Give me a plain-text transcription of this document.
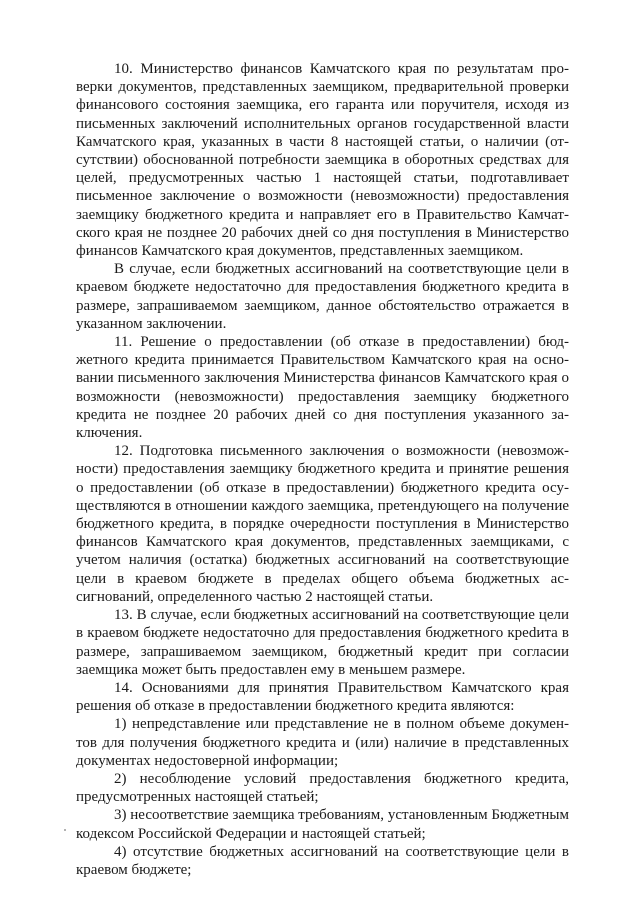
10. Министерство финансов Камчатского края по результатам проверки документов, представленных заемщиком, предварительной проверки финансового состояния заемщика, его гаранта или поручителя, исходя из письменных заключений исполнительных органов государственной власти Камчатского края, указанных в части 8 настоящей статьи, о наличии (отсутствии) обоснованной потребности заемщика в оборотных средствах для целей, предусмотренных частью 1 настоящей статьи, подготавливает письменное заключение о возможности (невозможности) предоставления заемщику бюджетного кредита и направляет его в Правительство Камчатского края не позднее 20 рабочих дней со дня поступления в Министерство финансов Камчатского края документов, представленных заемщиком.

В случае, если бюджетных ассигнований на соответствующие цели в краевом бюджете недостаточно для предоставления бюджетного кредита в размере, запрашиваемом заемщиком, данное обстоятельство отражается в указанном заключении.

11. Решение о предоставлении (об отказе в предоставлении) бюджетного кредита принимается Правительством Камчатского края на основании письменного заключения Министерства финансов Камчатского края о возможности (невозможности) предоставления заемщику бюджетного кредита не позднее 20 рабочих дней со дня поступления указанного заключения.

12. Подготовка письменного заключения о возможности (невозможности) предоставления заемщику бюджетного кредита и принятие решения о предоставлении (об отказе в предоставлении) бюджетного кредита осуществляются в отношении каждого заемщика, претендующего на получение бюджетного кредита, в порядке очередности поступления в Министерство финансов Камчатского края документов, представленных заемщиками, с учетом наличия (остатка) бюджетных ассигнований на соответствующие цели в краевом бюджете в пределах общего объема бюджетных ассигнований, определенного частью 2 настоящей статьи.

13. В случае, если бюджетных ассигнований на соответствующие цели в краевом бюджете недостаточно для предоставления бюджетного креdита в размере, запрашиваемом заемщиком, бюджетный кредит при согласии заемщика может быть предоставлен ему в меньшем размере.

14. Основаниями для принятия Правительством Камчатского края решения об отказе в предоставлении бюджетного кредита являются:

1) непредставление или представление не в полном объеме документов для получения бюджетного кредита и (или) наличие в представленных документах недостоверной информации;

2) несоблюдение условий предоставления бюджетного кредита, предусмотренных настоящей статьей;

3) несоответствие заемщика требованиям, установленным Бюджетным кодексом Российской Федерации и настоящей статьей;

4) отсутствие бюджетных ассигнований на соответствующие цели в краевом бюджете;
